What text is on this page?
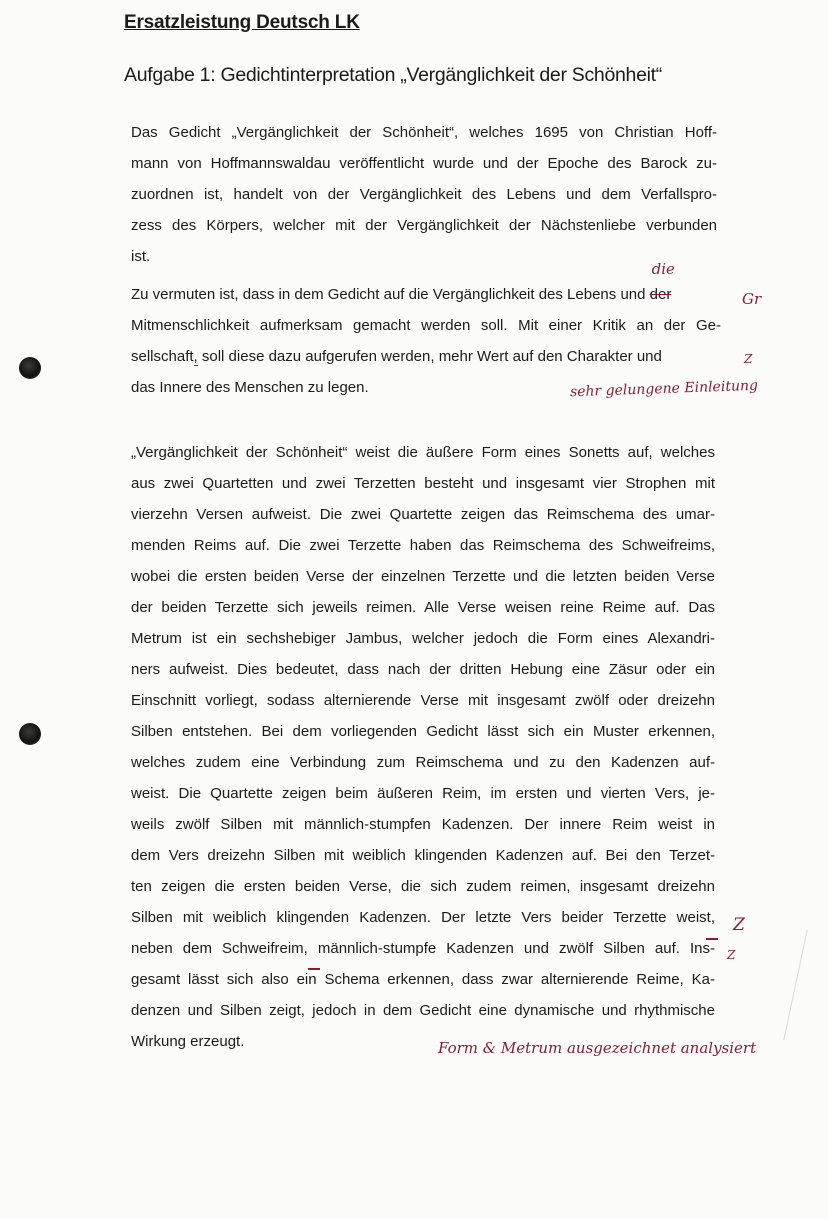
Ersatzleistung Deutsch LK
Aufgabe 1: Gedichtinterpretation „Vergänglichkeit der Schönheit“
Das Gedicht „Vergänglichkeit der Schönheit“, welches 1695 von Christian Hoff-
mann von Hoffmannswaldau veröffentlicht wurde und der Epoche des Barock zu-
zuordnen ist, handelt von der Vergänglichkeit des Lebens und dem Verfallspro-
zess des Körpers, welcher mit der Vergänglichkeit der Nächstenliebe verbunden
ist.
Zu vermuten ist, dass in dem Gedicht auf die Vergänglichkeit des Lebens und
die
der
Mitmenschlichkeit aufmerksam gemacht werden soll. Mit einer Kritik an der Ge-
sellschaft, soll diese dazu aufgerufen werden, mehr Wert auf den Charakter und
das Innere des Menschen zu legen.
„Vergänglichkeit der Schönheit“ weist die äußere Form eines Sonetts auf, welches
aus zwei Quartetten und zwei Terzetten besteht und insgesamt vier Strophen mit
vierzehn Versen aufweist. Die zwei Quartette zeigen das Reimschema des umar-
menden Reims auf. Die zwei Terzette haben das Reimschema des Schweifreims,
wobei die ersten beiden Verse der einzelnen Terzette und die letzten beiden Verse
der beiden Terzette sich jeweils reimen. Alle Verse weisen reine Reime auf. Das
Metrum ist ein sechshebiger Jambus, welcher jedoch die Form eines Alexandri-
ners aufweist. Dies bedeutet, dass nach der dritten Hebung eine Zäsur oder ein
Einschnitt vorliegt, sodass alternierende Verse mit insgesamt zwölf oder dreizehn
Silben entstehen. Bei dem vorliegenden Gedicht lässt sich ein Muster erkennen,
welches zudem eine Verbindung zum Reimschema und zu den Kadenzen auf-
weist. Die Quartette zeigen beim äußeren Reim, im ersten und vierten Vers, je-
weils zwölf Silben mit männlich-stumpfen Kadenzen. Der innere Reim weist in
dem Vers dreizehn Silben mit weiblich klingenden Kadenzen auf. Bei den Terzet-
ten zeigen die ersten beiden Verse, die sich zudem reimen, insgesamt dreizehn
Silben mit weiblich klingenden Kadenzen. Der letzte Vers beider Terzette weist,
neben dem Schweifreim, männlich-stumpfe Kadenzen und zwölf Silben auf. Ins-
gesamt lässt sich also ein Schema erkennen, dass zwar alternierende Reime, Ka-
denzen und Silben zeigt, jedoch in dem Gedicht eine dynamische und rhythmische
Wirkung erzeugt.
Gr
Z
sehr gelungene Einleitung
Z
Z
Form & Metrum ausgezeichnet analysiert
